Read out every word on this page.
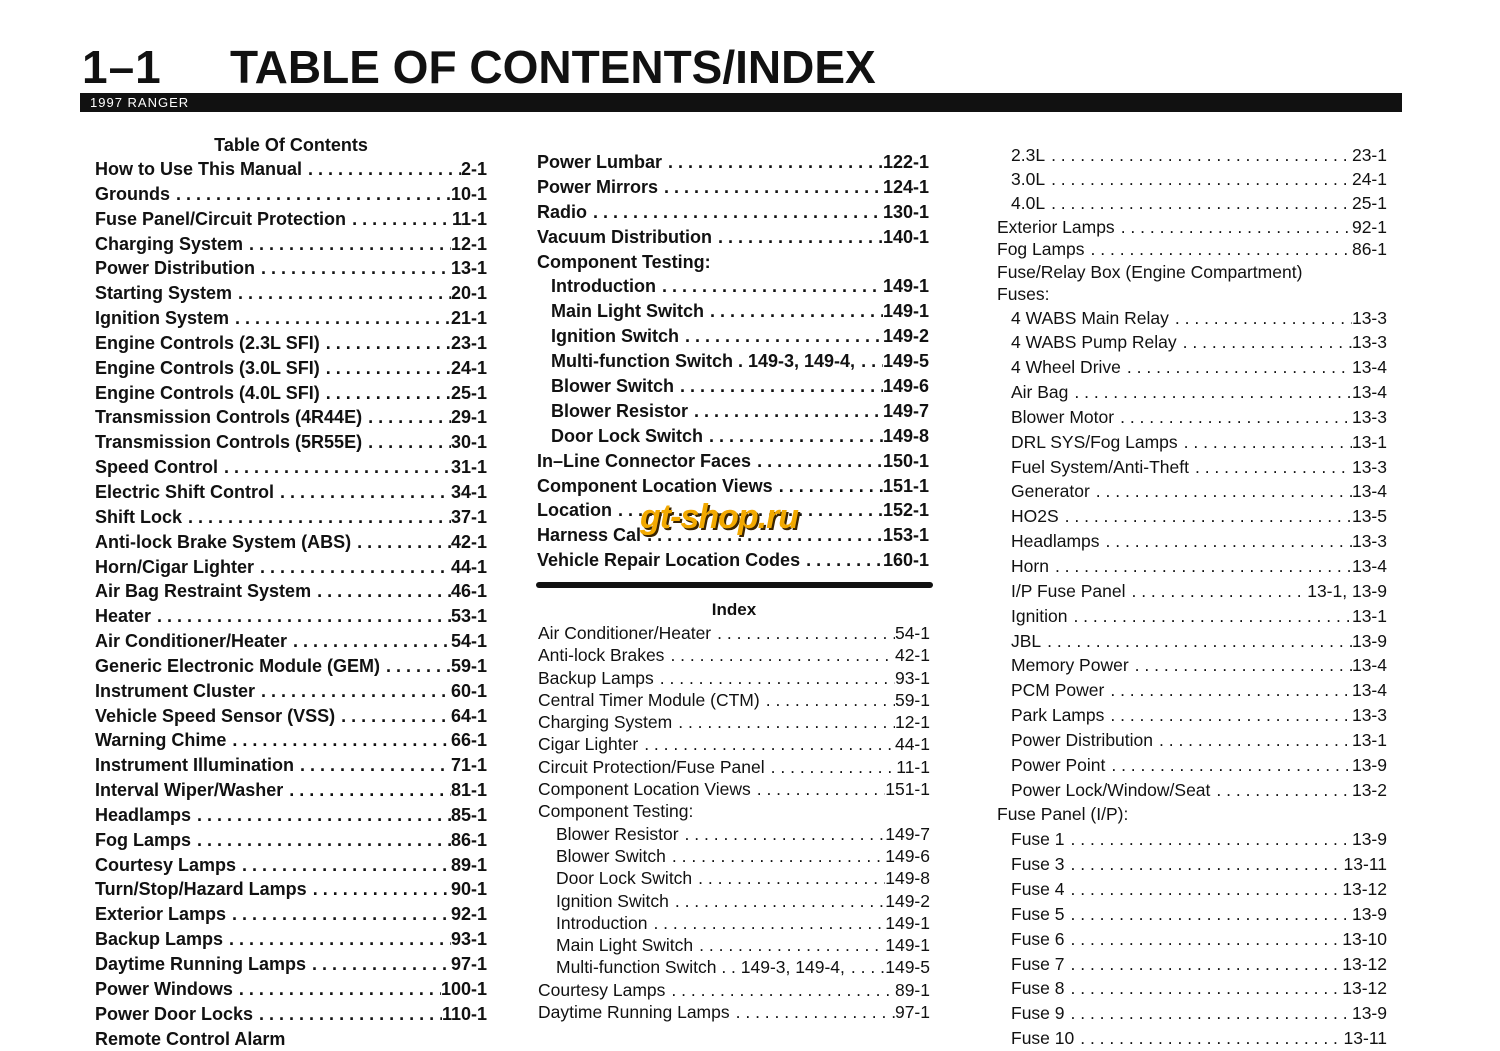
1–1 TABLE OF CONTENTS/INDEX
1997 RANGER
Table Of Contents
How to Use This Manual . . .	2-1
Grounds . . .	10-1
Fuse Panel/Circuit Protection . . .	11-1
Charging System . . .	12-1
Power Distribution . . .	13-1
Starting System . . .	20-1
Ignition System . . .	21-1
Engine Controls (2.3L SFI) . . .	23-1
Engine Controls (3.0L SFI) . . .	24-1
Engine Controls (4.0L SFI) . . .	25-1
Transmission Controls (4R44E) . . .	29-1
Transmission Controls (5R55E) . . .	30-1
Speed Control . . .	31-1
Electric Shift Control . . .	34-1
Shift Lock . . .	37-1
Anti-lock Brake System (ABS) . . .	42-1
Horn/Cigar Lighter . . .	44-1
Air Bag Restraint System . . .	46-1
Heater . . .	53-1
Air Conditioner/Heater . . .	54-1
Generic Electronic Module (GEM) . . .	59-1
Instrument Cluster . . .	60-1
Vehicle Speed Sensor (VSS) . . .	64-1
Warning Chime . . .	66-1
Instrument Illumination . . .	71-1
Interval Wiper/Washer . . .	81-1
Headlamps . . .	85-1
Fog Lamps . . .	86-1
Courtesy Lamps . . .	89-1
Turn/Stop/Hazard Lamps . . .	90-1
Exterior Lamps . . .	92-1
Backup Lamps . . .	93-1
Daytime Running Lamps . . .	97-1
Power Windows . . .	100-1
Power Door Locks . . .	110-1
Remote Control Alarm
Power Lumbar . . .	122-1
Power Mirrors . . .	124-1
Radio . . .	130-1
Vacuum Distribution . . .	140-1
Component Testing:
Introduction . . .	149-1
Main Light Switch . . .	149-1
Ignition Switch . . .	149-2
Multi-function Switch . 149-3, 149-4, . . . 149-5
Blower Switch . . .	149-6
Blower Resistor . . .	149-7
Door Lock Switch . . .	149-8
In–Line Connector Faces . . .	150-1
Component Location Views . . .	151-1
Location . . .	152-1
Harness Cal . . .	153-1
Vehicle Repair Location Codes . . .	160-1
Index
Air Conditioner/Heater . . .	54-1
Anti-lock Brakes . . .	42-1
Backup Lamps . . .	93-1
Central Timer Module (CTM) . . .	59-1
Charging System . . .	12-1
Cigar Lighter . . .	44-1
Circuit Protection/Fuse Panel . . .	11-1
Component Location Views . . .	151-1
Component Testing:
Blower Resistor . . .	149-7
Blower Switch . . .	149-6
Door Lock Switch . . .	149-8
Ignition Switch . . .	149-2
Introduction . . .	149-1
Main Light Switch . . .	149-1
Multi-function Switch . . 149-3, 149-4, . . . 149-5
Courtesy Lamps . . .	89-1
Daytime Running Lamps . . .	97-1
2.3L . . .	23-1
3.0L . . .	24-1
4.0L . . .	25-1
Exterior Lamps . . .	92-1
Fog Lamps . . .	86-1
Fuse/Relay Box (Engine Compartment)
Fuses:
4 WABS Main Relay . . .	13-3
4 WABS Pump Relay . . .	13-3
4 Wheel Drive . . .	13-4
Air Bag . . .	13-4
Blower Motor . . .	13-3
DRL SYS/Fog Lamps . . .	13-1
Fuel System/Anti-Theft . . .	13-3
Generator . . .	13-4
HO2S . . .	13-5
Headlamps . . .	13-3
Horn . . .	13-4
I/P Fuse Panel . . .	13-1, 13-9
Ignition . . .	13-1
JBL . . .	13-9
Memory Power . . .	13-4
PCM Power . . .	13-4
Park Lamps . . .	13-3
Power Distribution . . .	13-1
Power Point . . .	13-9
Power Lock/Window/Seat . . .	13-2
Fuse Panel (I/P):
Fuse 1 . . .	13-9
Fuse 3 . . .	13-11
Fuse 4 . . .	13-12
Fuse 5 . . .	13-9
Fuse 6 . . .	13-10
Fuse 7 . . .	13-12
Fuse 8 . . .	13-12
Fuse 9 . . .	13-9
Fuse 10 . . .	13-11
gt-shop.ru
